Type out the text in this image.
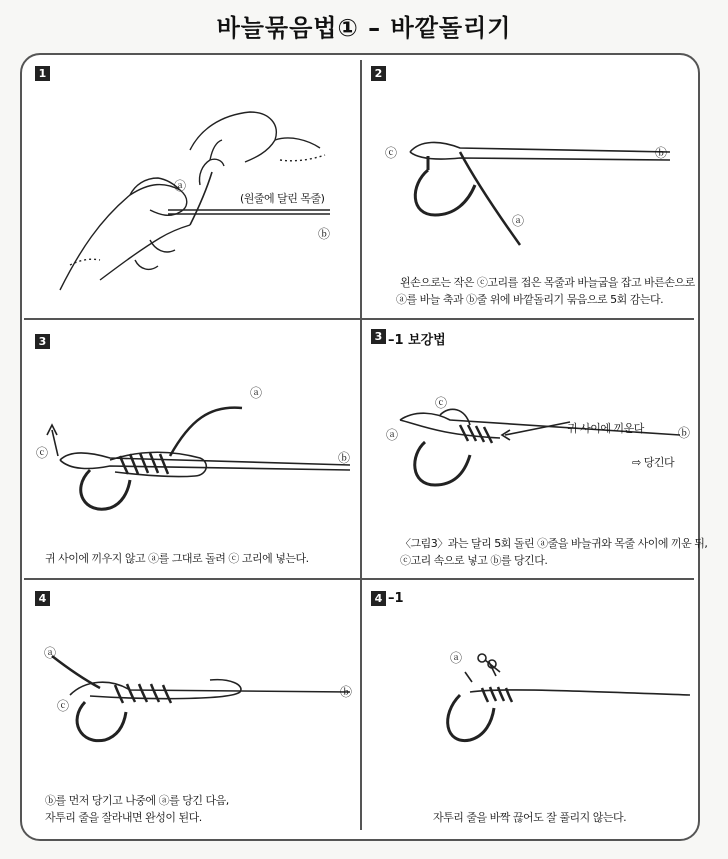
바늘묶음법① – 바깥돌리기
1
ⓐ
ⓑ
(원줄에 달린 목줄)
2
ⓒ	ⓑ
ⓐ
왼손으로는 작은 ⓒ고리를 접은 목줄과 바늘굽을 잡고 바른손으로
ⓐ를 바늘 축과 ⓑ줄 위에 바깥돌리기 묶음으로 5회 감는다.
3
ⓒ	ⓑ
ⓐ
귀 사이에 끼우지 않고 ⓐ를 그대로 돌려 ⓒ 고리에 넣는다.
3 –1 보강법
ⓐ
ⓒ
ⓑ
귀 사이에 끼운다
⇨ 당긴다
〈그림3〉과는 달리 5회 돌린 ⓐ줄을 바늘귀와 목줄 사이에 끼운 뒤,
ⓒ고리 속으로 넣고 ⓑ를 당긴다.
4
ⓐ
ⓒ
ⓑ
ⓑ를 먼저 당기고 나중에 ⓐ를 당긴 다음,
자투리 줄을 잘라내면 완성이 된다.
4 –1
ⓐ
자투리 줄을 바짝 끊어도 잘 풀리지 않는다.
